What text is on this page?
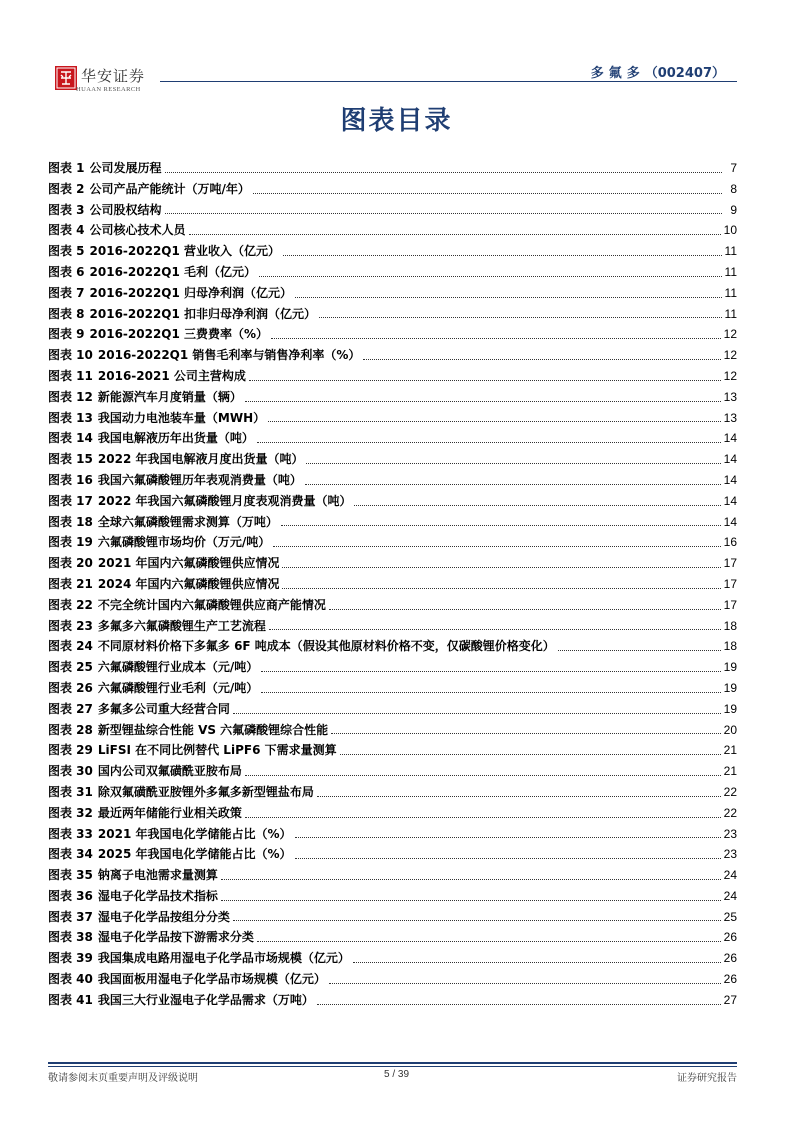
华安证券
HUAAN RESEARCH
多氟多（002407）
图表目录
图表 1 公司发展历程	7
图表 2 公司产品产能统计（万吨/年）	8
图表 3 公司股权结构	9
图表 4 公司核心技术人员	10
图表 5 2016-2022Q1 营业收入（亿元）	11
图表 6 2016-2022Q1 毛利（亿元）	11
图表 7 2016-2022Q1 归母净利润（亿元）	11
图表 8 2016-2022Q1 扣非归母净利润（亿元）	11
图表 9 2016-2022Q1 三费费率（%）	12
图表 10 2016-2022Q1 销售毛利率与销售净利率（%）	12
图表 11 2016-2021 公司主营构成	12
图表 12 新能源汽车月度销量（辆）	13
图表 13 我国动力电池装车量（MWH）	13
图表 14 我国电解液历年出货量（吨）	14
图表 15 2022 年我国电解液月度出货量（吨）	14
图表 16 我国六氟磷酸锂历年表观消费量（吨）	14
图表 17 2022 年我国六氟磷酸锂月度表观消费量（吨）	14
图表 18 全球六氟磷酸锂需求测算（万吨）	14
图表 19 六氟磷酸锂市场均价（万元/吨）	16
图表 20 2021 年国内六氟磷酸锂供应情况	17
图表 21 2024 年国内六氟磷酸锂供应情况	17
图表 22 不完全统计国内六氟磷酸锂供应商产能情况	17
图表 23 多氟多六氟磷酸锂生产工艺流程	18
图表 24 不同原材料价格下多氟多 6F 吨成本（假设其他原材料价格不变，仅碳酸锂价格变化）	18
图表 25 六氟磷酸锂行业成本（元/吨）	19
图表 26 六氟磷酸锂行业毛利（元/吨）	19
图表 27 多氟多公司重大经营合同	19
图表 28 新型锂盐综合性能 VS 六氟磷酸锂综合性能	20
图表 29 LiFSI 在不同比例替代 LiPF6 下需求量测算	21
图表 30 国内公司双氟磺酰亚胺布局	21
图表 31 除双氟磺酰亚胺锂外多氟多新型锂盐布局	22
图表 32 最近两年储能行业相关政策	22
图表 33 2021 年我国电化学储能占比（%）	23
图表 34 2025 年我国电化学储能占比（%）	23
图表 35 钠离子电池需求量测算	24
图表 36 湿电子化学品技术指标	24
图表 37 湿电子化学品按组分分类	25
图表 38 湿电子化学品按下游需求分类	26
图表 39 我国集成电路用湿电子化学品市场规模（亿元）	26
图表 40 我国面板用湿电子化学品市场规模（亿元）	26
图表 41 我国三大行业湿电子化学品需求（万吨）	27
敬请参阅末页重要声明及评级说明	5 / 39	证券研究报告
